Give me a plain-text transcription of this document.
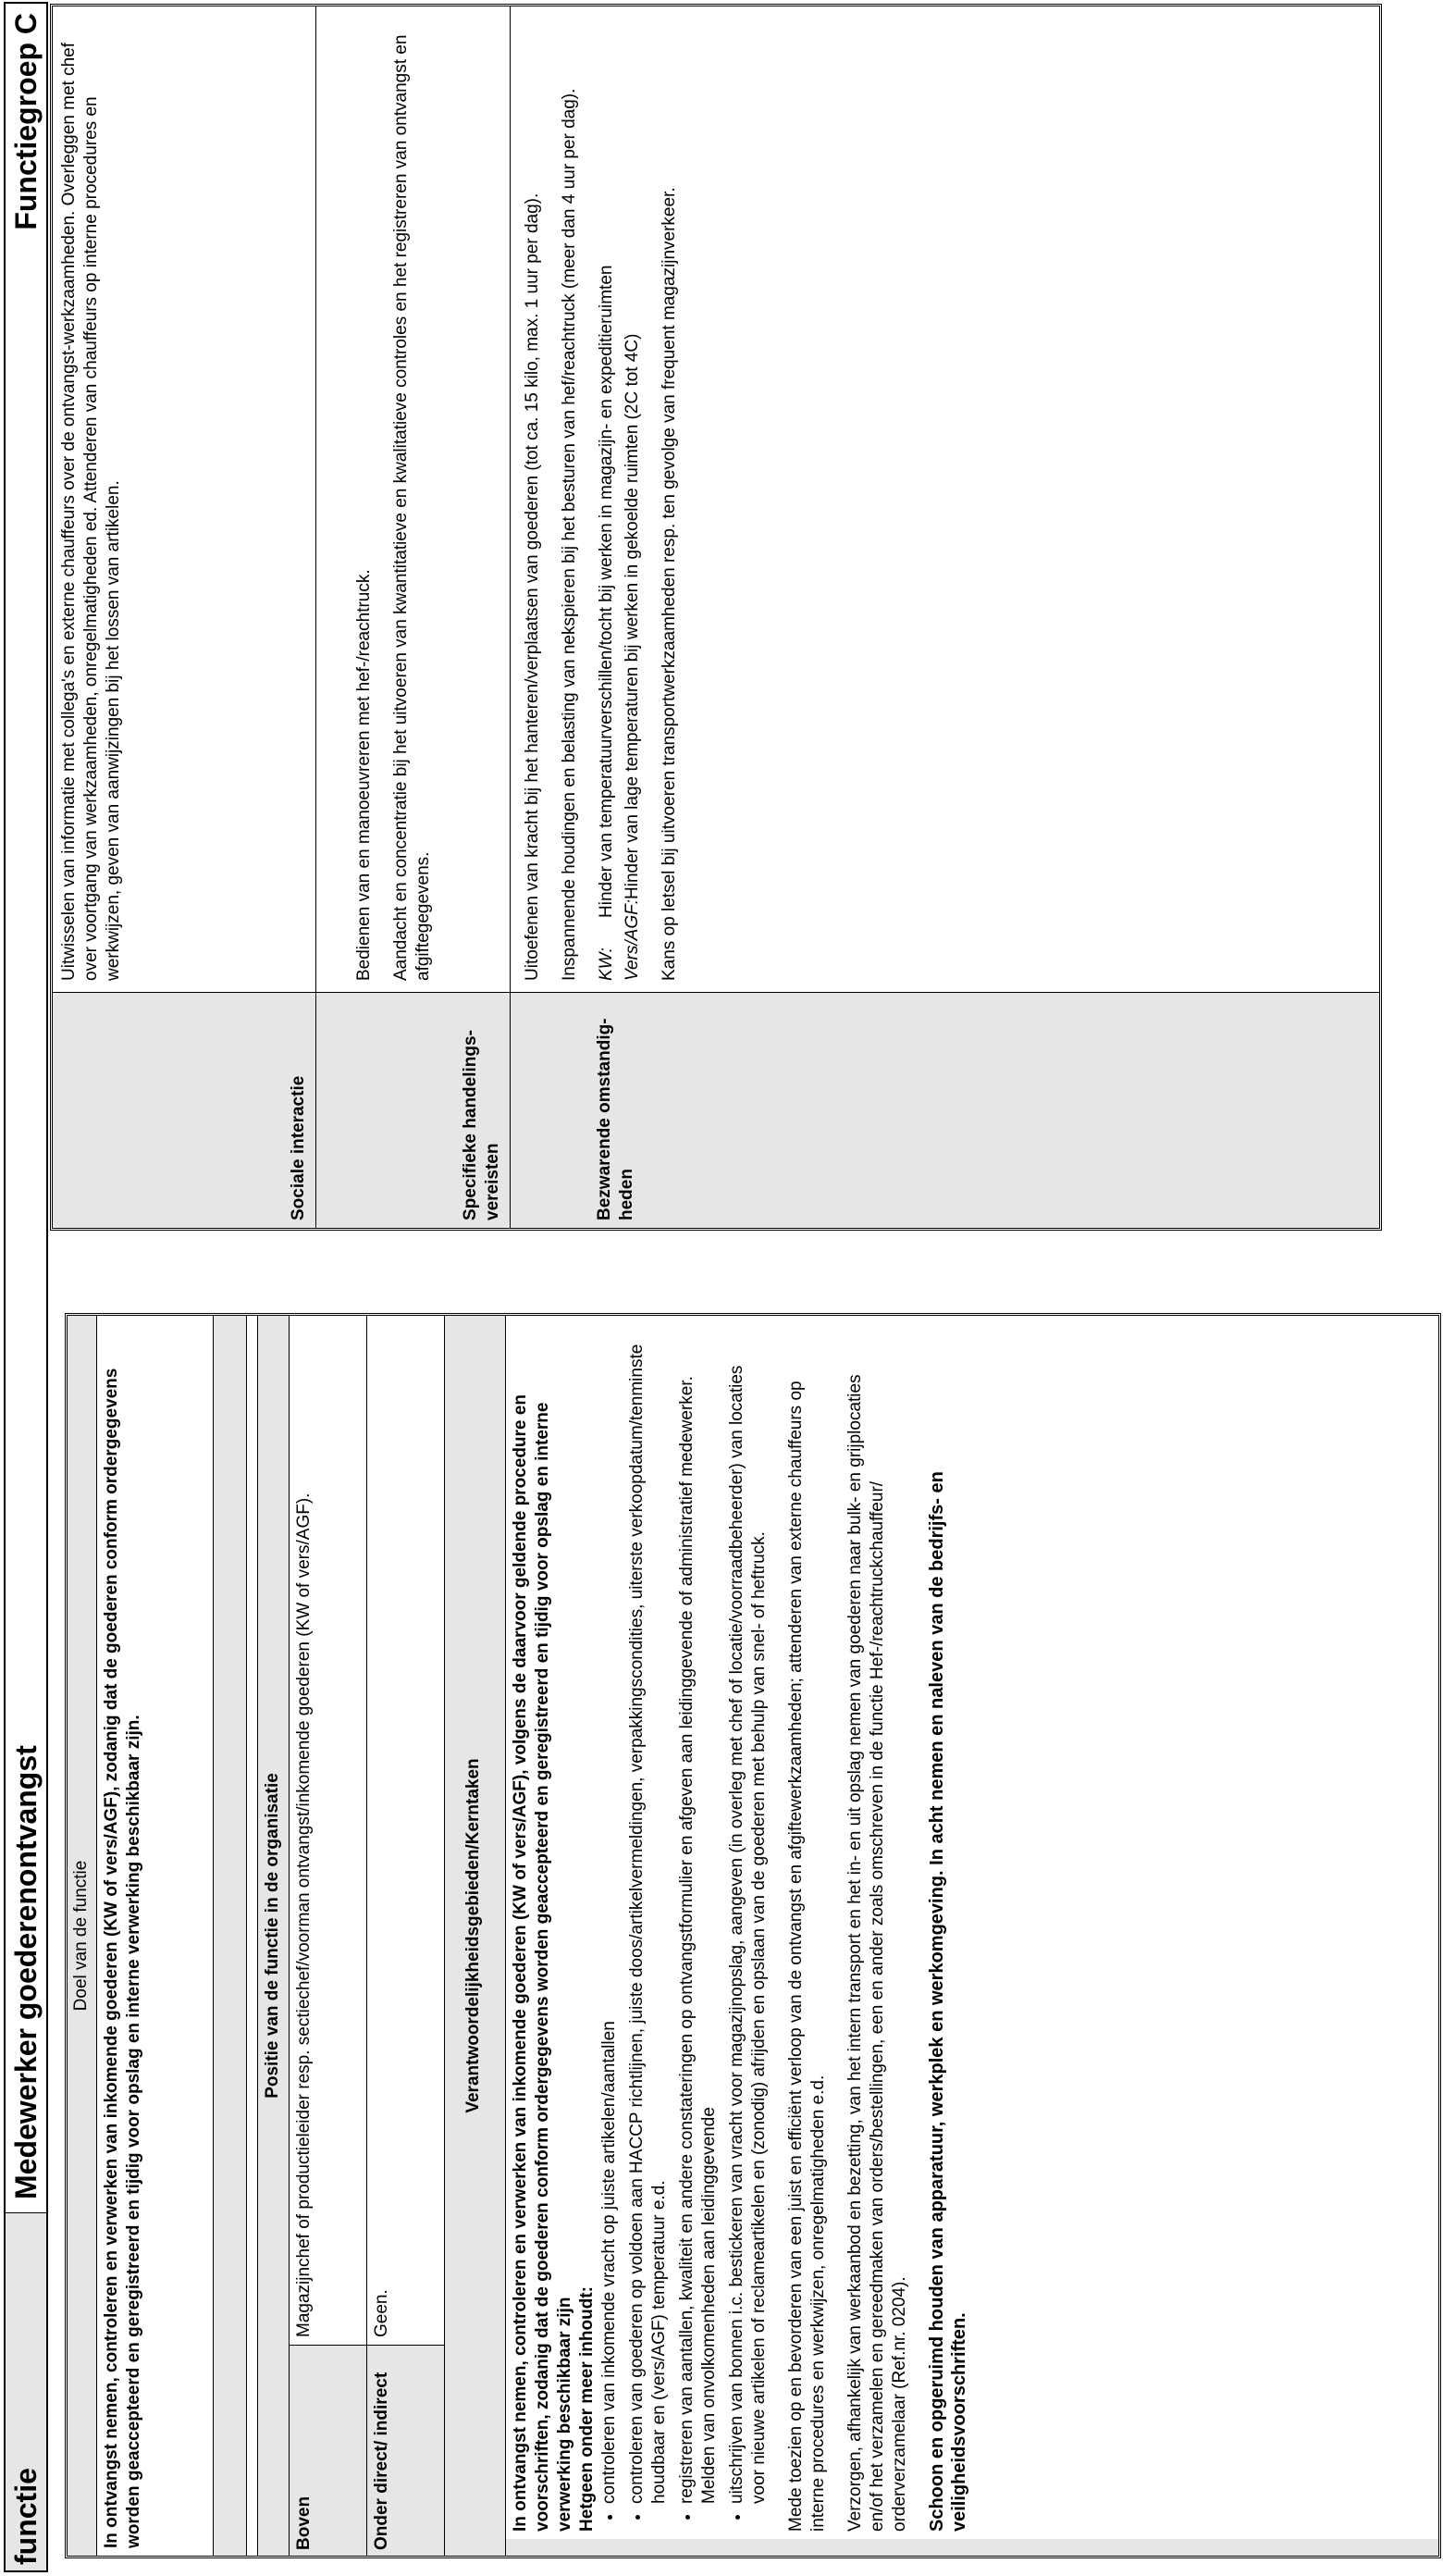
functie
Medewerker goederenontvangst
Functiegroep C
Doel van de functie In ontvangst nemen, controleren en verwerken van inkomende goederen (KW of vers/AGF), zodanig dat de goederen conform ordergegevens worden geaccepteerd en geregistreerd en tijdig voor opslag en interne verwerking beschikbaar zijn.	Positie van de functie in de organisatie
Boven
Magazijnchef of productieleider resp. sectiechef/voorman ontvangst/inkomende goederen (KW of vers/AGF).
Onder direct/ indirect
Geen.
Verantwoordelijkheidsgebieden/Kerntaken	In ontvangst nemen, controleren en verwerken van inkomende goederen (KW of vers/AGF), volgens de daarvoor geldende procedure en voorschriften, zodanig dat de goederen conform ordergegevens worden geaccepteerd en geregistreerd en tijdig voor opslag en interne verwerking beschikbaar zijn Hetgeen onder meer inhoudt: • controleren van inkomende vracht op juiste artikelen/aantallen • controleren van goederen op voldoen aan HACCP richtlijnen, juiste doos/artikelvermeldingen, verpakkingscondities, uiterste verkoopdatum/tenminste houdbaar en (vers/AGF) temperatuur e.d. • registreren van aantallen, kwaliteit en andere constateringen op ontvangstformulier en afgeven aan leidinggevende of administratief medewerker. Melden van onvolkomenheden aan leidinggevende • uitschrijven van bonnen i.c. bestickeren van vracht voor magazijnopslag, aangeven (in overleg met chef of locatie/voorraadbeheerder) van locaties voor nieuwe artikelen of reclameartikelen en (zonodig) afrijden en opslaan van de goederen met behulp van snel- of heftruck. Mede toezien op en bevorderen van een juist en efficiënt verloop van de ontvangst en afgiftewerkzaamheden; attenderen van externe chauffeurs op interne procedures en werkwijzen, onregelmatigheden e.d. Verzorgen, afhankelijk van werkaanbod en bezetting, van het intern transport en het in- en uit opslag nemen van goederen naar bulk- en grijplocaties en/of het verzamelen en gereedmaken van orders/bestellingen, een en ander zoals omschreven in de functie Hef-/reachtruckchauffeur/ orderverzamelaar (Ref.nr. 0204). Schoon en opgeruimd houden van apparatuur, werkplek en werkomgeving. In acht nemen en naleven van de bedrijfs- en veiligheidsvoorschriften.

Sociale interactie
Uitwisselen van informatie met collega's en externe chauffeurs over de ontvangst-werkzaamheden. Overleggen met chef over voortgang van werkzaamheden, onregelmatigheden ed. Attenderen van chauffeurs op interne procedures en werkwijzen, geven van aanwijzingen bij het lossen van artikelen.
Specifieke handelings-vereisten

Bedienen van en manoeuvreren met hef-/reachtruck. Aandacht en concentratie bij het uitvoeren van kwantitatieve en kwalitatieve controles en het registreren van ontvangst en afgiftegegevens.

Bezwarende omstandig-heden

Uitoefenen van kracht bij het hanteren/verplaatsen van goederen (tot ca. 15 kilo, max. 1 uur per dag). Inspannende houdingen en belasting van nekspieren bij het besturen van hef/reachtruck (meer dan 4 uur per dag). KW:
Hinder van temperatuurverschillen/tocht bij werken in magazijn- en expeditieruimten
Vers/AGF:
Hinder van lage temperaturen bij werken in gekoelde ruimten (2C tot 4C) Kans op letsel bij uitvoeren transportwerkzaamheden resp. ten gevolge van frequent magazijnverkeer.
